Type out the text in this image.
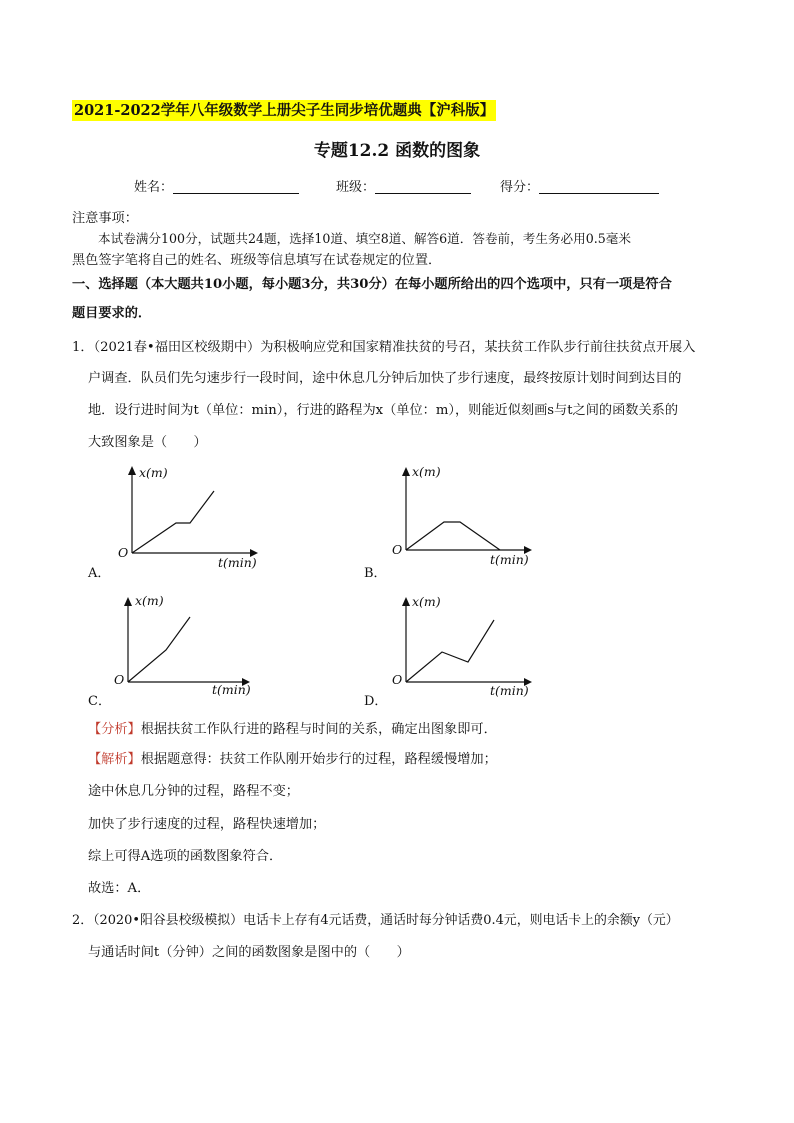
2021-2022学年八年级数学上册尖子生同步培优题典【沪科版】
专题12.2 函数的图象
姓名：	班级：	得分：
注意事项：
本试卷满分100分，试题共24题，选择10道、填空8道、解答6道．答卷前，考生务必用0.5毫米
黑色签字笔将自己的姓名、班级等信息填写在试卷规定的位置．
一、选择题（本大题共10小题，每小题3分，共30分）在每小题所给出的四个选项中，只有一项是符合
题目要求的．
1．（2021春•福田区校级期中）为积极响应党和国家精准扶贫的号召，某扶贫工作队步行前往扶贫点开展入
户调查．队员们先匀速步行一段时间，途中休息几分钟后加快了步行速度，最终按原计划时间到达目的
地．设行进时间为t（单位：min），行进的路程为x（单位：m），则能近似刻画s与t之间的函数关系的
大致图象是（　　）
x(m)
O
t(min)
A．
x(m)
O
t(min)
B．
x(m)
O
t(min)
C．
x(m)
O
t(min)
D．
【分析】根据扶贫工作队行进的路程与时间的关系，确定出图象即可．
【解析】根据题意得：扶贫工作队刚开始步行的过程，路程缓慢增加；
途中休息几分钟的过程，路程不变；
加快了步行速度的过程，路程快速增加；
综上可得A选项的函数图象符合．
故选：A．
2．（2020•阳谷县校级模拟）电话卡上存有4元话费，通话时每分钟话费0.4元，则电话卡上的余额y（元）
与通话时间t（分钟）之间的函数图象是图中的（　　）
